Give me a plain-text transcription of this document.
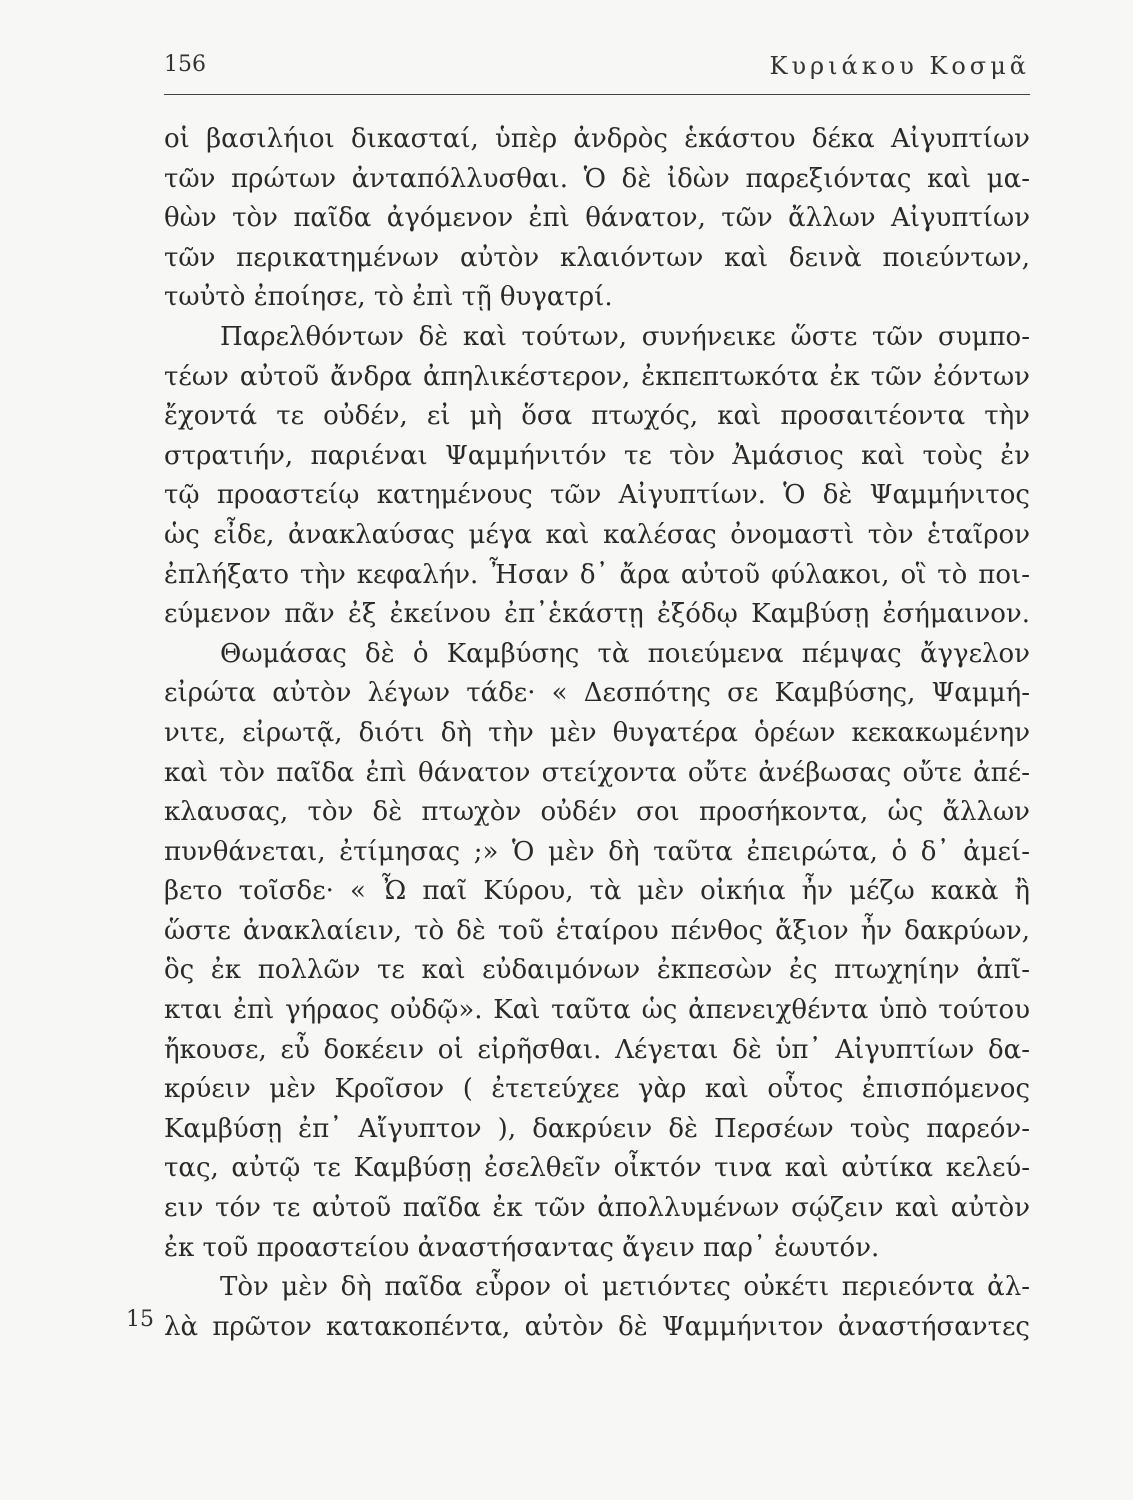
156	Κυριάκου Κοσμᾶ
15
οἱ βασιλήιοι δικασταί, ὑπὲρ ἀνδρὸς ἑκάστου δέκα Αἰγυπτίων
τῶν πρώτων ἀνταπόλλυσθαι. Ὁ δὲ ἰδὼν παρεξιόντας καὶ μα-
θὼν τὸν παῖδα ἀγόμενον ἐπὶ θάνατον, τῶν ἄλλων Αἰγυπτίων
τῶν περικατημένων αὐτὸν κλαιόντων καὶ δεινὰ ποιεύντων,
τωὐτὸ ἐποίησε, τὸ ἐπὶ τῇ θυγατρί.
Παρελθόντων δὲ καὶ τούτων, συνήνεικε ὥστε τῶν συμπο-
τέων αὐτοῦ ἄνδρα ἀπηλικέστερον, ἐκπεπτωκότα ἐκ τῶν ἐόντων
ἔχοντά τε οὐδέν, εἰ μὴ ὅσα πτωχός, καὶ προσαιτέοντα τὴν
στρατιήν, παριέναι Ψαμμήνιτόν τε τὸν Ἀμάσιος καὶ τοὺς ἐν
τῷ προαστείῳ κατημένους τῶν Αἰγυπτίων. Ὁ δὲ Ψαμμήνιτος
ὡς εἶδε, ἀνακλαύσας μέγα καὶ καλέσας ὀνομαστὶ τὸν ἑταῖρον
ἐπλήξατο τὴν κεφαλήν. Ἦσαν δ᾽ ἄρα αὐτοῦ φύλακοι, οἳ τὸ ποι-
εύμενον πᾶν ἐξ ἐκείνου ἐπ᾽ἑκάστῃ ἐξόδῳ Καμβύσῃ ἐσήμαινον.
Θωμάσας δὲ ὁ Καμβύσης τὰ ποιεύμενα πέμψας ἄγγελον
εἰρώτα αὐτὸν λέγων τάδε· « Δεσπότης σε Καμβύσης, Ψαμμή-
νιτε, εἰρωτᾷ, διότι δὴ τὴν μὲν θυγατέρα ὁρέων κεκακωμένην
καὶ τὸν παῖδα ἐπὶ θάνατον στείχοντα οὔτε ἀνέβωσας οὔτε ἀπέ-
κλαυσας, τὸν δὲ πτωχὸν οὐδέν σοι προσήκοντα, ὡς ἄλλων
πυνθάνεται, ἐτίμησας ;» Ὁ μὲν δὴ ταῦτα ἐπειρώτα, ὁ δ᾽ ἀμεί-
βετο τοῖσδε· « Ὦ παῖ Κύρου, τὰ μὲν οἰκήια ἦν μέζω κακὰ ἢ
ὥστε ἀνακλαίειν, τὸ δὲ τοῦ ἑταίρου πένθος ἄξιον ἦν δακρύων,
ὃς ἐκ πολλῶν τε καὶ εὐδαιμόνων ἐκπεσὼν ἐς πτωχηίην ἀπῖ-
κται ἐπὶ γήραος οὐδῷ». Καὶ ταῦτα ὡς ἀπενειχθέντα ὑπὸ τούτου
ἤκουσε, εὖ δοκέειν οἱ εἰρῆσθαι. Λέγεται δὲ ὑπ᾽ Αἰγυπτίων δα-
κρύειν μὲν Κροῖσον ( ἐτετεύχεε γὰρ καὶ οὗτος ἐπισπόμενος
Καμβύσῃ ἐπ᾽ Αἴγυπτον ), δακρύειν δὲ Περσέων τοὺς παρεόν-
τας, αὐτῷ τε Καμβύσῃ ἐσελθεῖν οἶκτόν τινα καὶ αὐτίκα κελεύ-
ειν τόν τε αὐτοῦ παῖδα ἐκ τῶν ἀπολλυμένων σῴζειν καὶ αὐτὸν
ἐκ τοῦ προαστείου ἀναστήσαντας ἄγειν παρ᾽ ἑωυτόν.
Τὸν μὲν δὴ παῖδα εὗρον οἱ μετιόντες οὐκέτι περιεόντα ἀλ-
λὰ πρῶτον κατακοπέντα, αὐτὸν δὲ Ψαμμήνιτον ἀναστήσαντες
